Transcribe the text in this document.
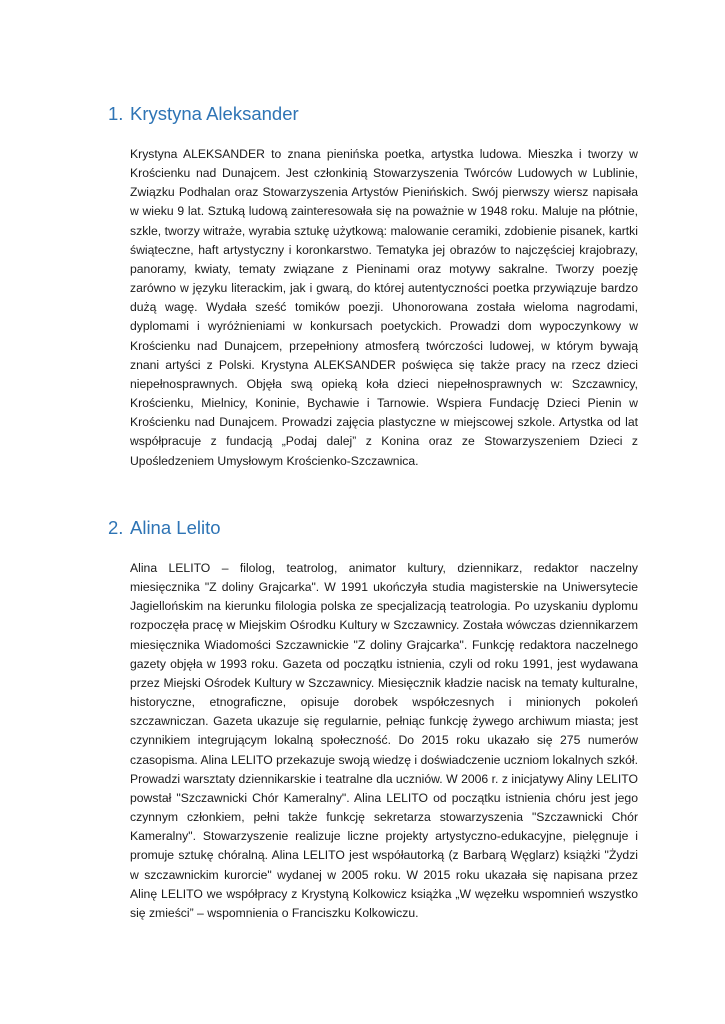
1. Krystyna Aleksander

Krystyna ALEKSANDER to znana pienińska poetka, artystka ludowa. Mieszka i tworzy w Krościenku nad Dunajcem. Jest członkinią Stowarzyszenia Twórców Ludowych w Lublinie, Związku Podhalan oraz Stowarzyszenia Artystów Pienińskich. Swój pierwszy wiersz napisała w wieku 9 lat. Sztuką ludową zainteresowała się na poważnie w 1948 roku. Maluje na płótnie, szkle, tworzy witraże, wyrabia sztukę użytkową: malowanie ceramiki, zdobienie pisanek, kartki świąteczne, haft artystyczny i koronkarstwo. Tematyka jej obrazów to najczęściej krajobrazy, panoramy, kwiaty, tematy związane z Pieninami oraz motywy sakralne. Tworzy poezję zarówno w języku literackim, jak i gwarą, do której autentyczności poetka przywiązuje bardzo dużą wagę. Wydała sześć tomików poezji. Uhonorowana została wieloma nagrodami, dyplomami i wyróżnieniami w konkursach poetyckich. Prowadzi dom wypoczynkowy w Krościenku nad Dunajcem, przepełniony atmosferą twórczości ludowej, w którym bywają znani artyści z Polski. Krystyna ALEKSANDER poświęca się także pracy na rzecz dzieci niepełnosprawnych. Objęła swą opieką koła dzieci niepełnosprawnych w: Szczawnicy, Krościenku, Mielnicy, Koninie, Bychawie i Tarnowie. Wspiera Fundację Dzieci Pienin w Krościenku nad Dunajcem. Prowadzi zajęcia plastyczne w miejscowej szkole. Artystka od lat współpracuje z fundacją „Podaj dalej” z Konina oraz ze Stowarzyszeniem Dzieci z Upośledzeniem Umysłowym Krościenko-Szczawnica.

2. Alina Lelito

Alina LELITO – filolog, teatrolog, animator kultury, dziennikarz, redaktor naczelny miesięcznika "Z doliny Grajcarka". W 1991 ukończyła studia magisterskie na Uniwersytecie Jagiellońskim na kierunku filologia polska ze specjalizacją teatrologia. Po uzyskaniu dyplomu rozpoczęła pracę w Miejskim Ośrodku Kultury w Szczawnicy. Została wówczas dziennikarzem miesięcznika Wiadomości Szczawnickie "Z doliny Grajcarka". Funkcję redaktora naczelnego gazety objęła w 1993 roku. Gazeta od początku istnienia, czyli od roku 1991, jest wydawana przez Miejski Ośrodek Kultury w Szczawnicy. Miesięcznik kładzie nacisk na tematy kulturalne, historyczne, etnograficzne, opisuje dorobek współczesnych i minionych pokoleń szczawniczan. Gazeta ukazuje się regularnie, pełniąc funkcję żywego archiwum miasta; jest czynnikiem integrującym lokalną społeczność. Do 2015 roku ukazało się 275 numerów czasopisma. Alina LELITO przekazuje swoją wiedzę i doświadczenie uczniom lokalnych szkół. Prowadzi warsztaty dziennikarskie i teatralne dla uczniów. W 2006 r. z inicjatywy Aliny LELITO powstał "Szczawnicki Chór Kameralny". Alina LELITO od początku istnienia chóru jest jego czynnym członkiem, pełni także funkcję sekretarza stowarzyszenia "Szczawnicki Chór Kameralny". Stowarzyszenie realizuje liczne projekty artystyczno-edukacyjne, pielęgnuje i promuje sztukę chóralną. Alina LELITO jest współautorką (z Barbarą Węglarz) książki "Żydzi w szczawnickim kurorcie" wydanej w 2005 roku. W 2015 roku ukazała się napisana przez Alinę LELITO we współpracy z Krystyną Kolkowicz książka „W węzełku wspomnień wszystko się zmieści” – wspomnienia o Franciszku Kolkowiczu.
